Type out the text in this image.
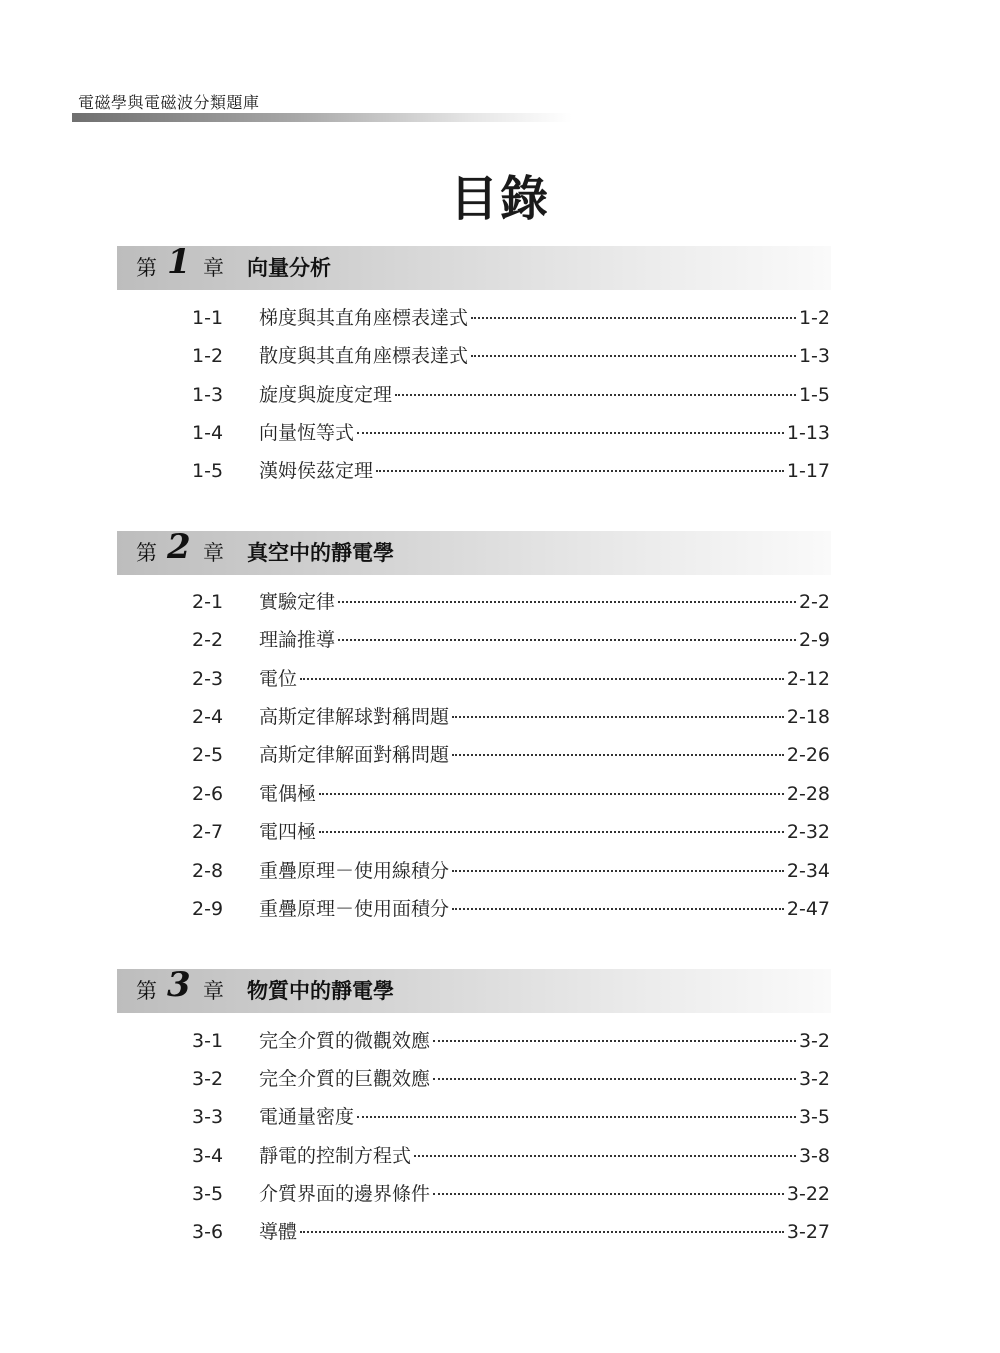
電磁學與電磁波分類題庫
目錄
第 1 章 向量分析
1-1	梯度與其直角座標表達式	1-2
1-2	散度與其直角座標表達式	1-3
1-3	旋度與旋度定理	1-5
1-4	向量恆等式	1-13
1-5	漢姆侯茲定理	1-17
第 2 章 真空中的靜電學
2-1	實驗定律	2-2
2-2	理論推導	2-9
2-3	電位	2-12
2-4	高斯定律解球對稱問題	2-18
2-5	高斯定律解面對稱問題	2-26
2-6	電偶極	2-28
2-7	電四極	2-32
2-8	重疊原理－使用線積分	2-34
2-9	重疊原理－使用面積分	2-47
第 3 章 物質中的靜電學
3-1	完全介質的微觀效應	3-2
3-2	完全介質的巨觀效應	3-2
3-3	電通量密度	3-5
3-4	靜電的控制方程式	3-8
3-5	介質界面的邊界條件	3-22
3-6	導體	3-27
